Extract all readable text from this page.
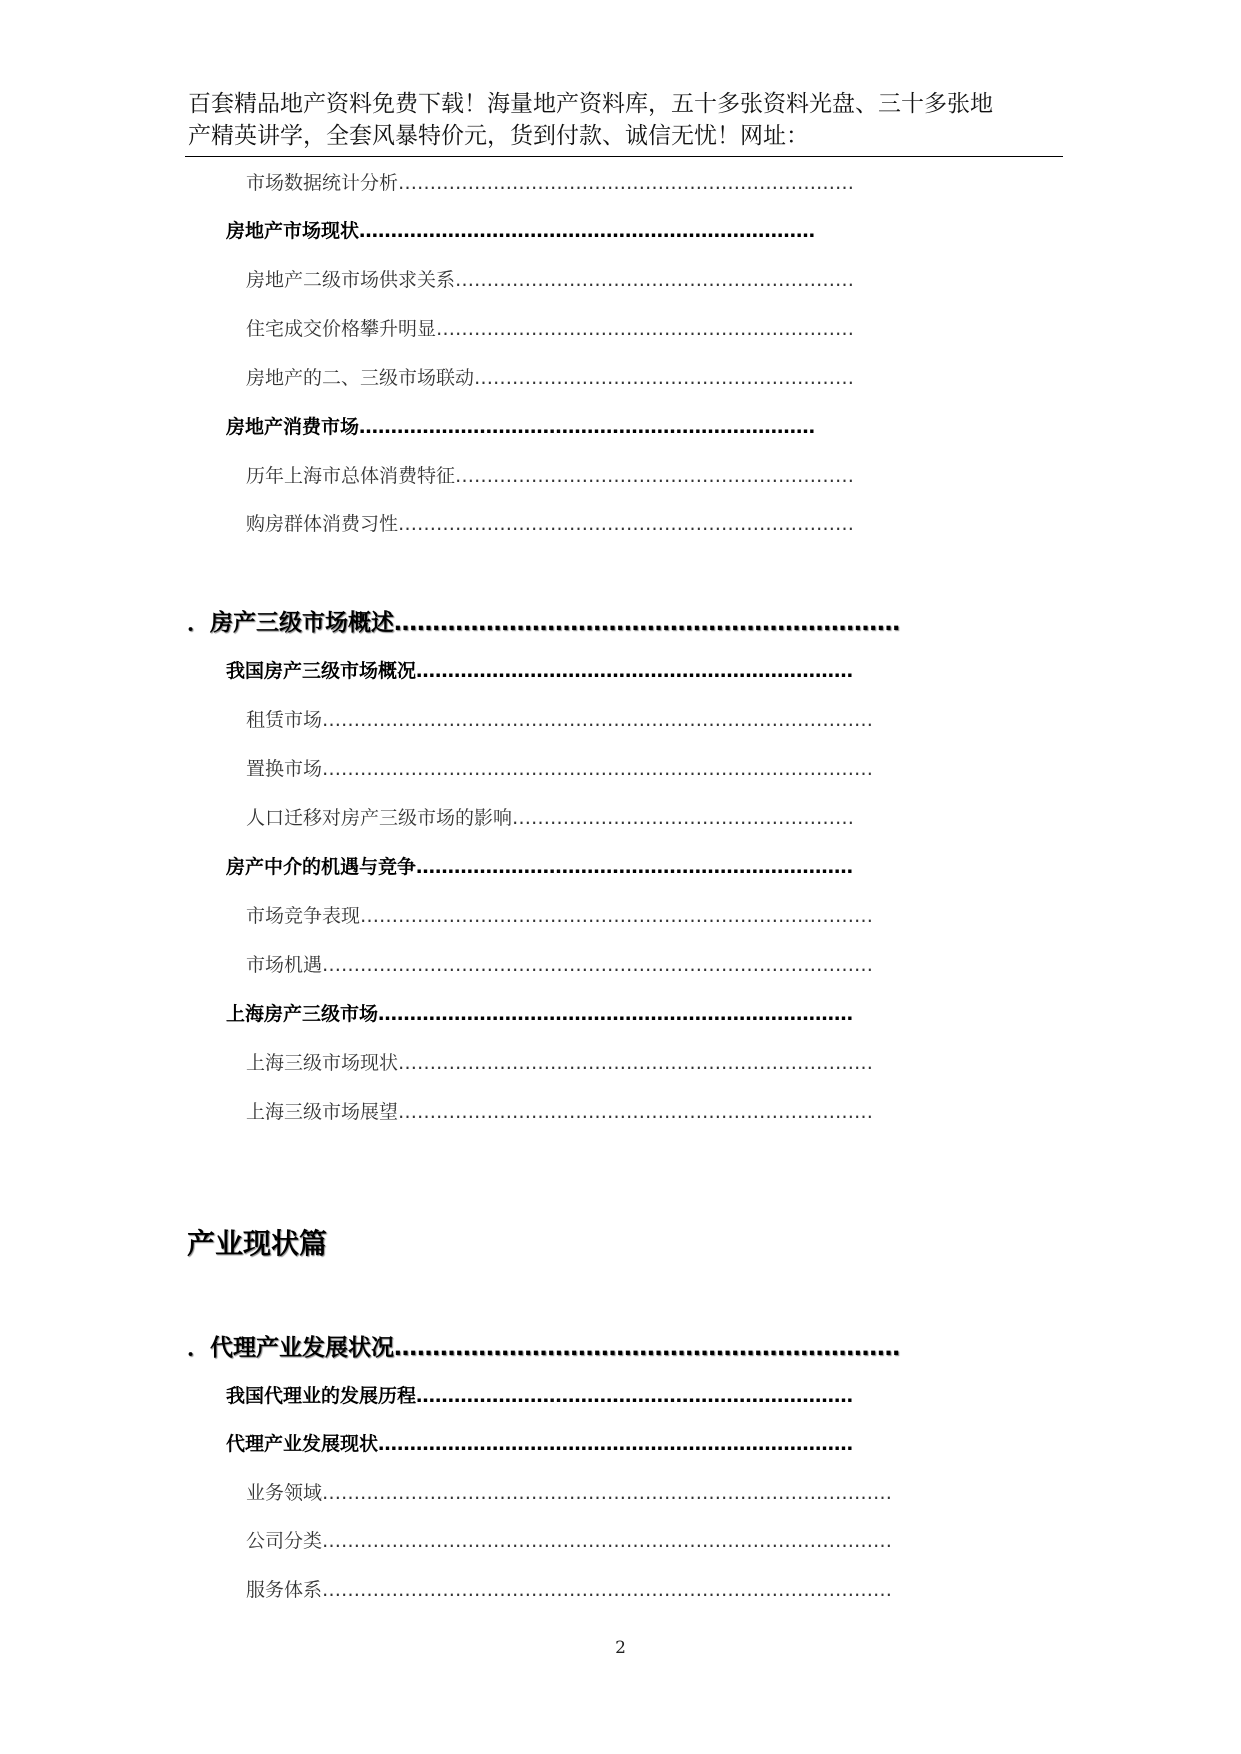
百套精品地产资料免费下载！海量地产资料库，五十多张资料光盘、三十多张地
产精英讲学，全套风暴特价元，货到付款、诚信无忧！网址：
市场数据统计分析………………………………………………………………
房地产市场现状………………………………………………………………
房地产二级市场供求关系………………………………………………………
住宅成交价格攀升明显…………………………………………………………
房地产的二、三级市场联动……………………………………………………
房地产消费市场………………………………………………………………
历年上海市总体消费特征………………………………………………………
购房群体消费习性………………………………………………………………
．房产三级市场概述…………………………………………………………
我国房产三级市场概况……………………………………………………………
租赁市场……………………………………………………………………………
置换市场……………………………………………………………………………
人口迁移对房产三级市场的影响………………………………………………
房产中介的机遇与竞争……………………………………………………………
市场竞争表现………………………………………………………………………
市场机遇……………………………………………………………………………
上海房产三级市场…………………………………………………………………
上海三级市场现状…………………………………………………………………
上海三级市场展望…………………………………………………………………
产业现状篇
．代理产业发展状况…………………………………………………………
我国代理业的发展历程……………………………………………………………
代理产业发展现状…………………………………………………………………
业务领域………………………………………………………………………………
公司分类………………………………………………………………………………
服务体系………………………………………………………………………………
2
